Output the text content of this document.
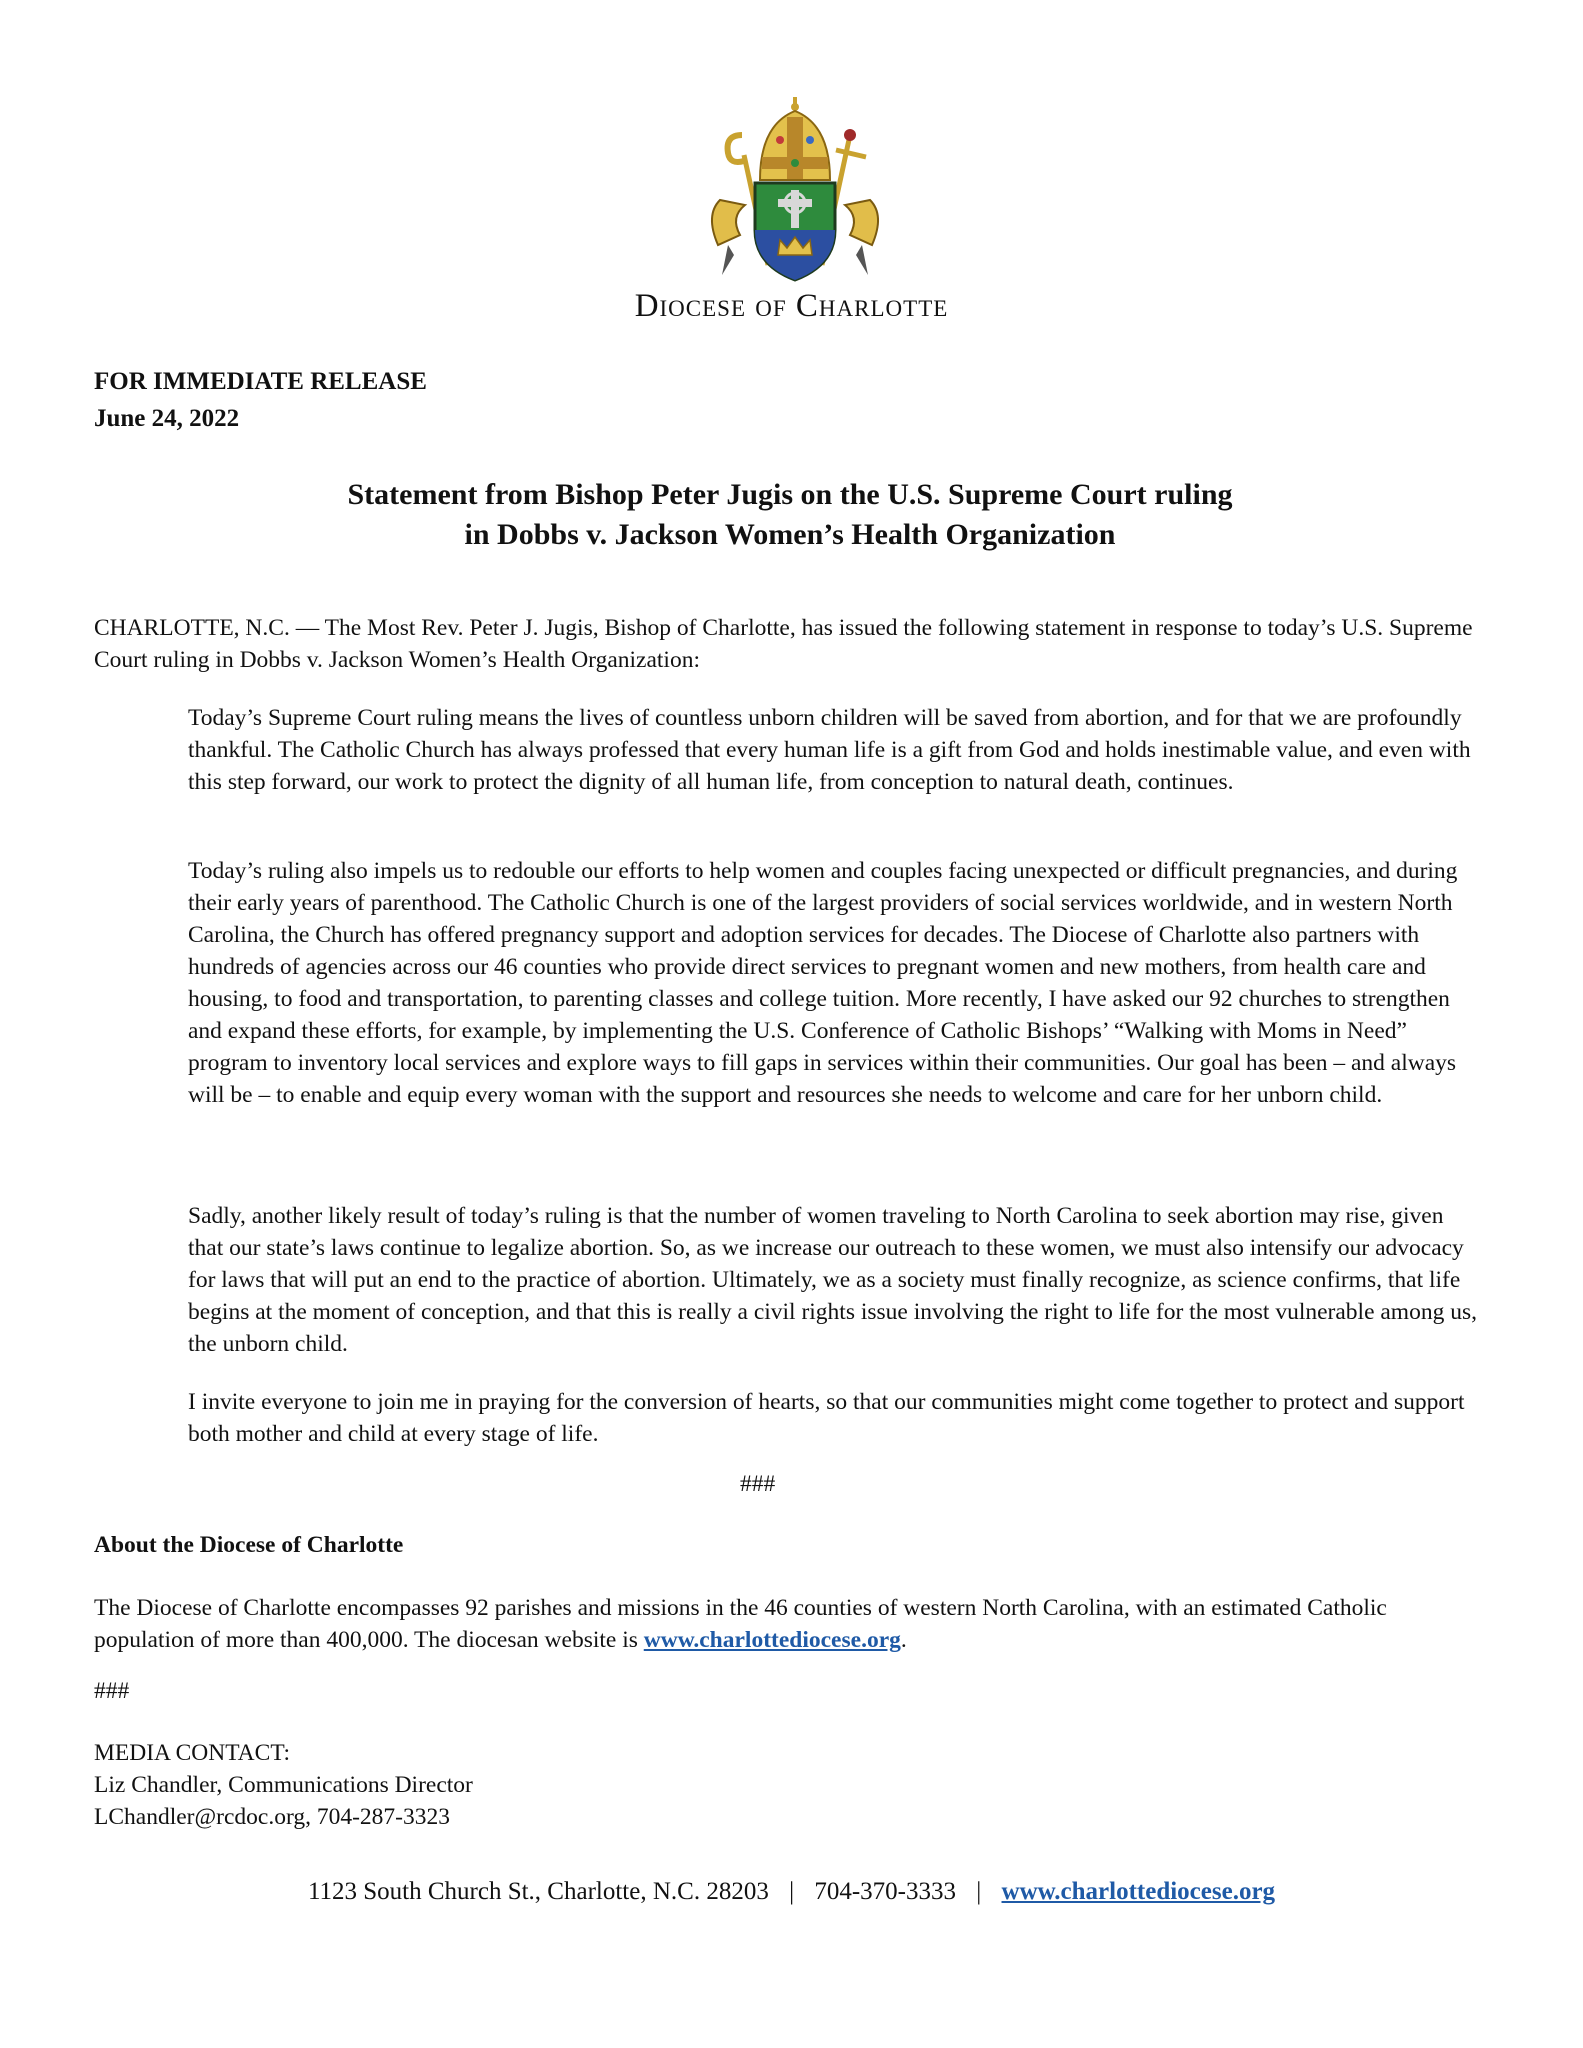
Diocese of Charlotte
FOR IMMEDIATE RELEASE
June 24, 2022
Statement from Bishop Peter Jugis on the U.S. Supreme Court ruling
in Dobbs v. Jackson Women’s Health Organization

CHARLOTTE, N.C. — The Most Rev. Peter J. Jugis, Bishop of Charlotte, has issued the following statement in response to today’s U.S. Supreme Court ruling in Dobbs v. Jackson Women’s Health Organization:

Today’s Supreme Court ruling means the lives of countless unborn children will be saved from abortion, and for that we are profoundly thankful. The Catholic Church has always professed that every human life is a gift from God and holds inestimable value, and even with this step forward, our work to protect the dignity of all human life, from conception to natural death, continues.

Today’s ruling also impels us to redouble our efforts to help women and couples facing unexpected or difficult pregnancies, and during their early years of parenthood. The Catholic Church is one of the largest providers of social services worldwide, and in western North Carolina, the Church has offered pregnancy support and adoption services for decades. The Diocese of Charlotte also partners with hundreds of agencies across our 46 counties who provide direct services to pregnant women and new mothers, from health care and housing, to food and transportation, to parenting classes and college tuition. More recently, I have asked our 92 churches to strengthen and expand these efforts, for example, by implementing the U.S. Conference of Catholic Bishops’ “Walking with Moms in Need” program to inventory local services and explore ways to fill gaps in services within their communities. Our goal has been – and always will be – to enable and equip every woman with the support and resources she needs to welcome and care for her unborn child.

Sadly, another likely result of today’s ruling is that the number of women traveling to North Carolina to seek abortion may rise, given that our state’s laws continue to legalize abortion. So, as we increase our outreach to these women, we must also intensify our advocacy for laws that will put an end to the practice of abortion. Ultimately, we as a society must finally recognize, as science confirms, that life begins at the moment of conception, and that this is really a civil rights issue involving the right to life for the most vulnerable among us, the unborn child.

I invite everyone to join me in praying for the conversion of hearts, so that our communities might come together to protect and support both mother and child at every stage of life.

###
About the Diocese of Charlotte

The Diocese of Charlotte encompasses 92 parishes and missions in the 46 counties of western North Carolina, with an estimated Catholic population of more than 400,000. The diocesan website is www.charlottediocese.org.

###
MEDIA CONTACT:
Liz Chandler, Communications Director
LChandler@rcdoc.org, 704-287-3323
1123 South Church St., Charlotte, N.C. 28203 | 704-370-3333 | www.charlottediocese.org
